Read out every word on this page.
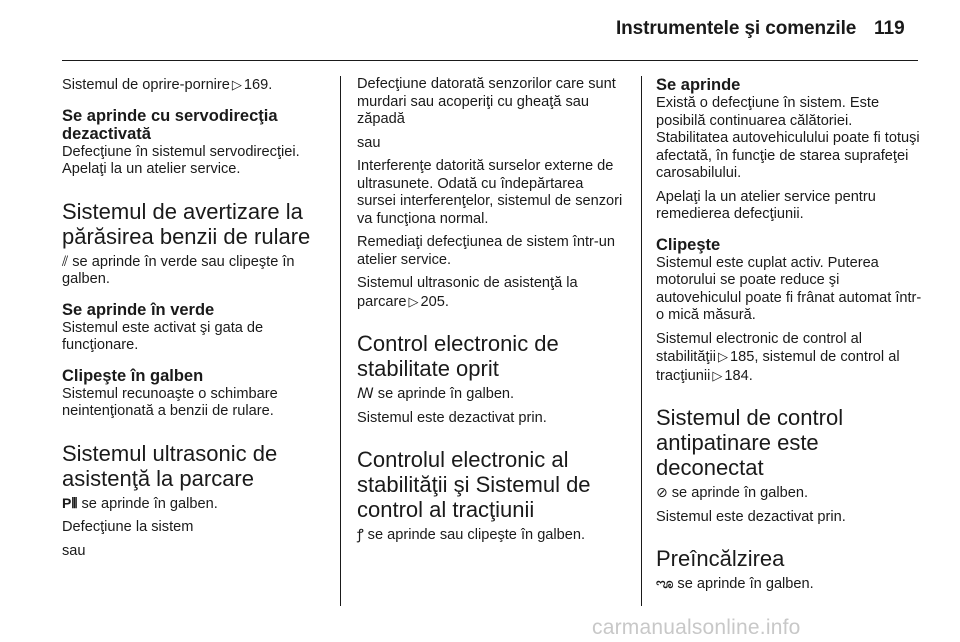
Instrumentele şi comenzile 119

Sistemul de oprire-pornire ▷ 169.

Se aprinde cu servodirecţia dezactivată

Defecţiune în sistemul servodirecţiei. Apelaţi la un atelier service.

Sistemul de avertizare la părăsirea benzii de rulare

⫽ se aprinde în verde sau clipeşte în galben.

Se aprinde în verde

Sistemul este activat şi gata de funcţionare.

Clipeşte în galben

Sistemul recunoaşte o schimbare neintenţionată a benzii de rulare.

Sistemul ultrasonic de asistenţă la parcare

P⦀ se aprinde în galben.

Defecţiune la sistem

sau

Defecţiune datorată senzorilor care sunt murdari sau acoperiţi cu gheaţă sau zăpadă

sau

Interferenţe datorită surselor externe de ultrasunete. Odată cu îndepărtarea sursei interferenţelor, sistemul de senzori va funcţiona normal.

Remediaţi defecţiunea de sistem într-un atelier service.

Sistemul ultrasonic de asistenţă la parcare ▷ 205.

Control electronic de stabilitate oprit

ꟿ se aprinde în galben.

Sistemul este dezactivat prin.

Controlul electronic al stabilităţii şi Sistemul de control al tracţiunii

ꝭ se aprinde sau clipeşte în galben.

Se aprinde

Există o defecţiune în sistem. Este posibilă continuarea călătoriei. Stabilitatea autovehiculului poate fi totuşi afectată, în funcţie de starea suprafeţei carosabilului.

Apelaţi la un atelier service pentru remedierea defecţiunii.

Clipeşte

Sistemul este cuplat activ. Puterea motorului se poate reduce şi autovehiculul poate fi frânat automat într-o mică măsură.

Sistemul electronic de control al stabilităţii ▷ 185, sistemul de control al tracţiunii ▷ 184.

Sistemul de control antipatinare este deconectat

⊘ se aprinde în galben.

Sistemul este dezactivat prin.

Preîncălzirea

ೡ se aprinde în galben.

carmanualsonline.info
